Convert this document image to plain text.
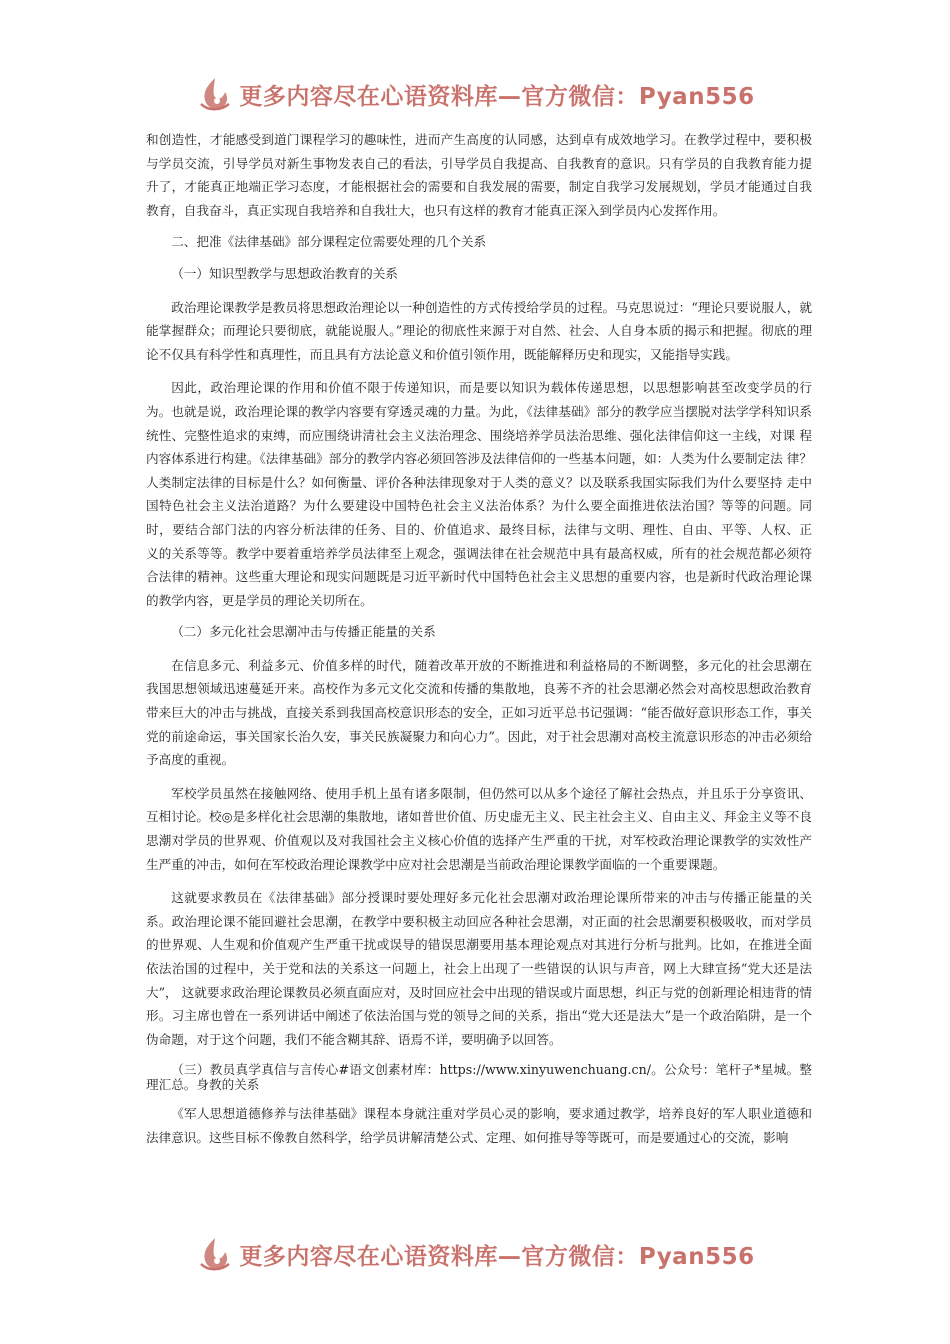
更多内容尽在心语资料库—官方微信：Pyan556

和创造性，才能感受到道门课程学习的趣味性，进而产生高度的认同感，达到卓有成效地学习。在教学过程中，要积极与学员交流，引导学员对新生事物发表自己的看法，引导学员自我提高、自我教育的意识。只有学员的自我教育能力提升了，才能真正地端正学习态度，才能根据社会的需要和自我发展的需要，制定自我学习发展规划，学员才能通过自我教育，自我奋斗，真正实现自我培养和自我壮大，也只有这样的教育才能真正深入到学员内心发挥作用。

二、把准《法律基础》部分课程定位需要处理的几个关系

（一）知识型教学与思想政治教育的关系

政治理论课教学是教员将思想政治理论以一种创造性的方式传授给学员的过程。马克思说过：“理论只要说服人，就能掌握群众；而理论只要彻底，就能说服人。”理论的彻底性来源于对自然、社会、人自身本质的揭示和把握。彻底的理论不仅具有科学性和真理性，而且具有方法论意义和价值引领作用，既能解释历史和现实，又能指导实践。

因此，政治理论课的作用和价值不限于传递知识，而是要以知识为载体传递思想，以思想影响甚至改变学员的行为。也就是说，政治理论课的教学内容要有穿透灵魂的力量。为此，《法律基础》部分的教学应当摆脱对法学学科知识系统性、完整性追求的束缚，而应围绕讲清社会主义法治理念、围绕培养学员法治思维、强化法律信仰这一主线，对课 程内容体系进行构建。《法律基础》部分的教学内容必须回答涉及法律信仰的一些基本问题，如：人类为什么要制定法 律？人类制定法律的目标是什么？如何衡量、评价各种法律现象对于人类的意义？以及联系我国实际我们为什么要坚持 走中国特色社会主义法治道路？为什么要建设中国特色社会主义法治体系？为什么要全面推进依法治国？等等的问题。同时，要结合部门法的内容分析法律的任务、目的、价值追求、最终目标，法律与文明、理性、自由、平等、人权、正　　义的关系等等。教学中要着重培养学员法律至上观念，强调法律在社会规范中具有最高权威，所有的社会规范都必须符合法律的精神。这些重大理论和现实问题既是习近平新时代中国特色社会主义思想的重要内容，也是新时代政治理论课的教学内容，更是学员的理论关切所在。

（二）多元化社会思潮冲击与传播正能量的关系

在信息多元、利益多元、价值多样的时代，随着改革开放的不断推进和利益格局的不断调整，多元化的社会思潮在我国思想领域迅速蔓延开来。高校作为多元文化交流和传播的集散地，良莠不齐的社会思潮必然会对高校思想政治教育带来巨大的冲击与挑战，直接关系到我国高校意识形态的安全，正如习近平总书记强调：“能否做好意识形态工作，事关党的前途命运，事关国家长治久安，事关民族凝聚力和向心力”。因此，对于社会思潮对高校主流意识形态的冲击必须给予高度的重视。

军校学员虽然在接触网络、使用手机上虽有诸多限制，但仍然可以从多个途径了解社会热点，并且乐于分享资讯、互相讨论。校◎是多样化社会思潮的集散地，诸如普世价值、历史虚无主义、民主社会主义、自由主义、拜金主义等不良思潮对学员的世界观、价值观以及对我国社会主义核心价值的选择产生严重的干扰，对军校政治理论课教学的实效性产生严重的冲击，如何在军校政治理论课教学中应对社会思潮是当前政治理论课教学面临的一个重要课题。

这就要求教员在《法律基础》部分授课时要处理好多元化社会思潮对政治理论课所带来的冲击与传播正能量的关系。政治理论课不能回避社会思潮，在教学中要积极主动回应各种社会思潮，对正面的社会思潮要积极吸收，而对学员的世界观、人生观和价值观产生严重干扰或误导的错误思潮要用基本理论观点对其进行分析与批判。比如，在推进全面依法治国的过程中，关于党和法的关系这一问题上，社会上出现了一些错误的认识与声音，网上大肆宣扬“党大还是法大”， 这就要求政治理论课教员必须直面应对，及时回应社会中出现的错误或片面思想，纠正与党的创新理论相违背的情形。习主席也曾在一系列讲话中阐述了依法治国与党的领导之间的关系，指出“党大还是法大”是一个政治陷阱，是一个伪命题，对于这个问题，我们不能含糊其辞、语焉不详，要明确予以回答。

（三）教员真学真信与言传心#语文创素材库：https://www.xinyuwenchuang.cn/。公众号：笔杆子*星城。整理汇总。身教的关系

《军人思想道德修养与法律基础》课程本身就注重对学员心灵的影响，要求通过教学，培养良好的军人职业道德和法律意识。这些目标不像教自然科学，给学员讲解清楚公式、定理、如何推导等等既可，而是要通过心的交流，影响

更多内容尽在心语资料库—官方微信：Pyan556
